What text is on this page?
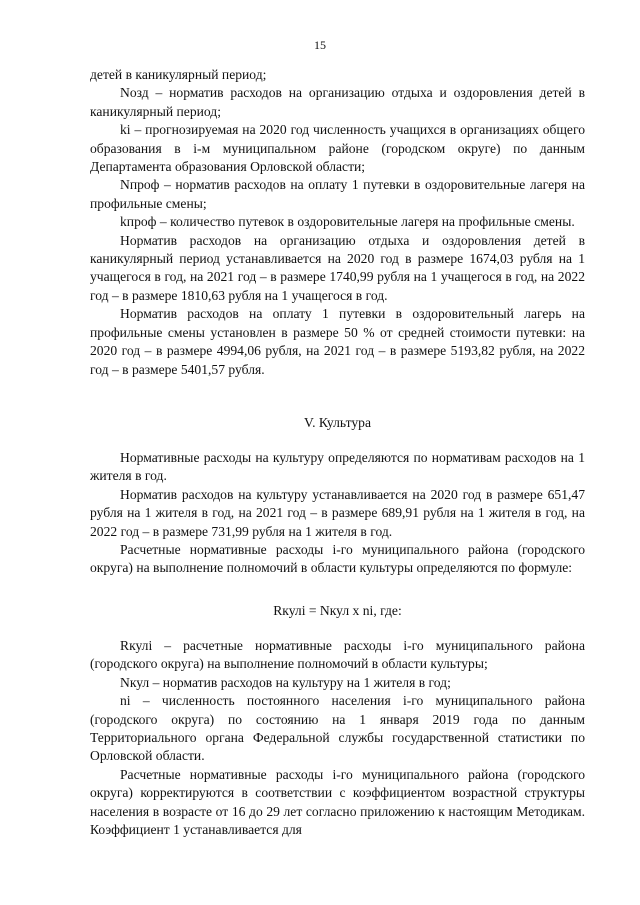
15

детей в каникулярный период;

Nозд – норматив расходов на организацию отдыха и оздоровления детей в каникулярный период;

ki – прогнозируемая на 2020 год численность учащихся в организациях общего образования в i-м муниципальном районе (городском округе) по данным Департамента образования Орловской области;

Nпроф – норматив расходов на оплату 1 путевки в оздоровительные лагеря на профильные смены;

kпроф – количество путевок в оздоровительные лагеря на профильные смены.

Норматив расходов на организацию отдыха и оздоровления детей в каникулярный период устанавливается на 2020 год в размере 1674,03 рубля на 1 учащегося в год, на 2021 год – в размере 1740,99 рубля на 1 учащегося в год, на 2022 год – в размере 1810,63 рубля на 1 учащегося в год.

Норматив расходов на оплату 1 путевки в оздоровительный лагерь на профильные смены установлен в размере 50 % от средней стоимости путевки: на 2020 год – в размере 4994,06 рубля, на 2021 год – в размере 5193,82 рубля, на 2022 год – в размере 5401,57 рубля.

V. Культура

Нормативные расходы на культуру определяются по нормативам расходов на 1 жителя в год.

Норматив расходов на культуру устанавливается на 2020 год в размере 651,47 рубля на 1 жителя в год, на 2021 год – в размере 689,91 рубля на 1 жителя в год, на 2022 год – в размере 731,99 рубля на 1 жителя в год.

Расчетные нормативные расходы i-го муниципального района (городского округа) на выполнение полномочий в области культуры определяются по формуле:

Rкулi = Nкул x ni, где:

Rкулi – расчетные нормативные расходы i-го муниципального района (городского округа) на выполнение полномочий в области культуры;

Nкул – норматив расходов на культуру на 1 жителя в год;

ni – численность постоянного населения i-го муниципального района (городского округа) по состоянию на 1 января 2019 года по данным Территориального органа Федеральной службы государственной статистики по Орловской области.

Расчетные нормативные расходы i-го муниципального района (городского округа) корректируются в соответствии с коэффициентом возрастной структуры населения в возрасте от 16 до 29 лет согласно приложению к настоящим Методикам. Коэффициент 1 устанавливается для
